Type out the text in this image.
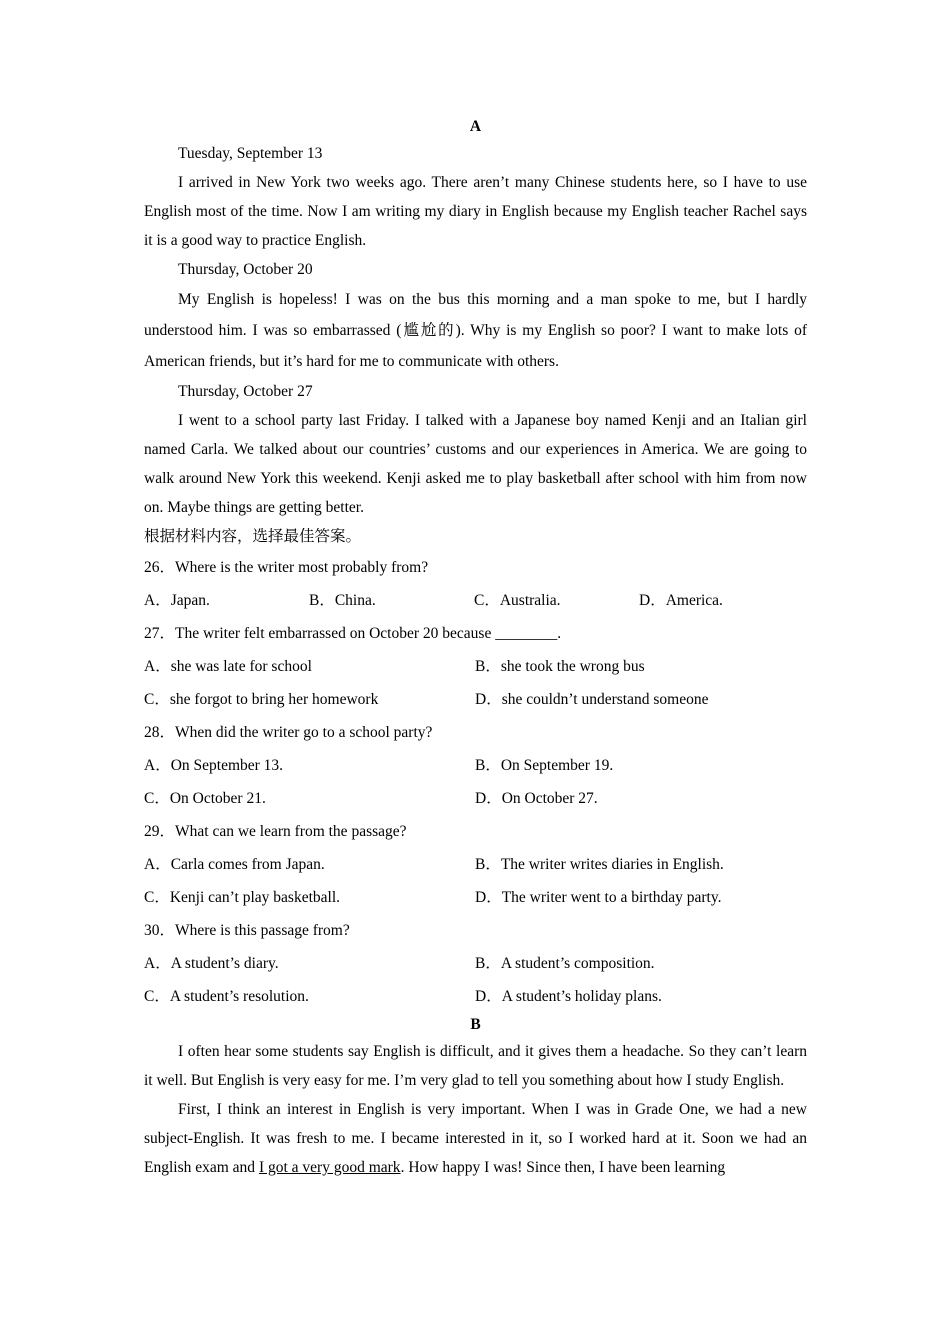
A

Tuesday, September 13

I arrived in New York two weeks ago. There aren’t many Chinese students here, so I have to use English most of the time. Now I am writing my diary in English because my English teacher Rachel says it is a good way to practice English.

Thursday, October 20

My English is hopeless! I was on the bus this morning and a man spoke to me, but I hardly understood him. I was so embarrassed (尴尬的). Why is my English so poor? I want to make lots of American friends, but it’s hard for me to communicate with others.

Thursday, October 27

I went to a school party last Friday. I talked with a Japanese boy named Kenji and an Italian girl named Carla. We talked about our countries’ customs and our experiences in America. We are going to walk around New York this weekend. Kenji asked me to play basketball after school with him from now on. Maybe things are getting better.

根据材料内容，选择最佳答案。

26．Where is the writer most probably from?

A．Japan.	B．China.	C．Australia.	D．America.

27．The writer felt embarrassed on October 20 because ________.

A．she was late for school	B．she took the wrong bus
C．she forgot to bring her homework	D．she couldn’t understand someone

28．When did the writer go to a school party?

A．On September 13.	B．On September 19.
C．On October 21.	D．On October 27.

29．What can we learn from the passage?

A．Carla comes from Japan.	B．The writer writes diaries in English.
C．Kenji can’t play basketball.	D．The writer went to a birthday party.

30．Where is this passage from?

A．A student’s diary.	B．A student’s composition.
C．A student’s resolution.	D．A student’s holiday plans.

B

I often hear some students say English is difficult, and it gives them a headache. So they can’t learn it well. But English is very easy for me. I’m very glad to tell you something about how I study English.

First, I think an interest in English is very important. When I was in Grade One, we had a new subject-English. It was fresh to me. I became interested in it, so I worked hard at it. Soon we had an English exam and I got a very good mark. How happy I was! Since then, I have been learning
